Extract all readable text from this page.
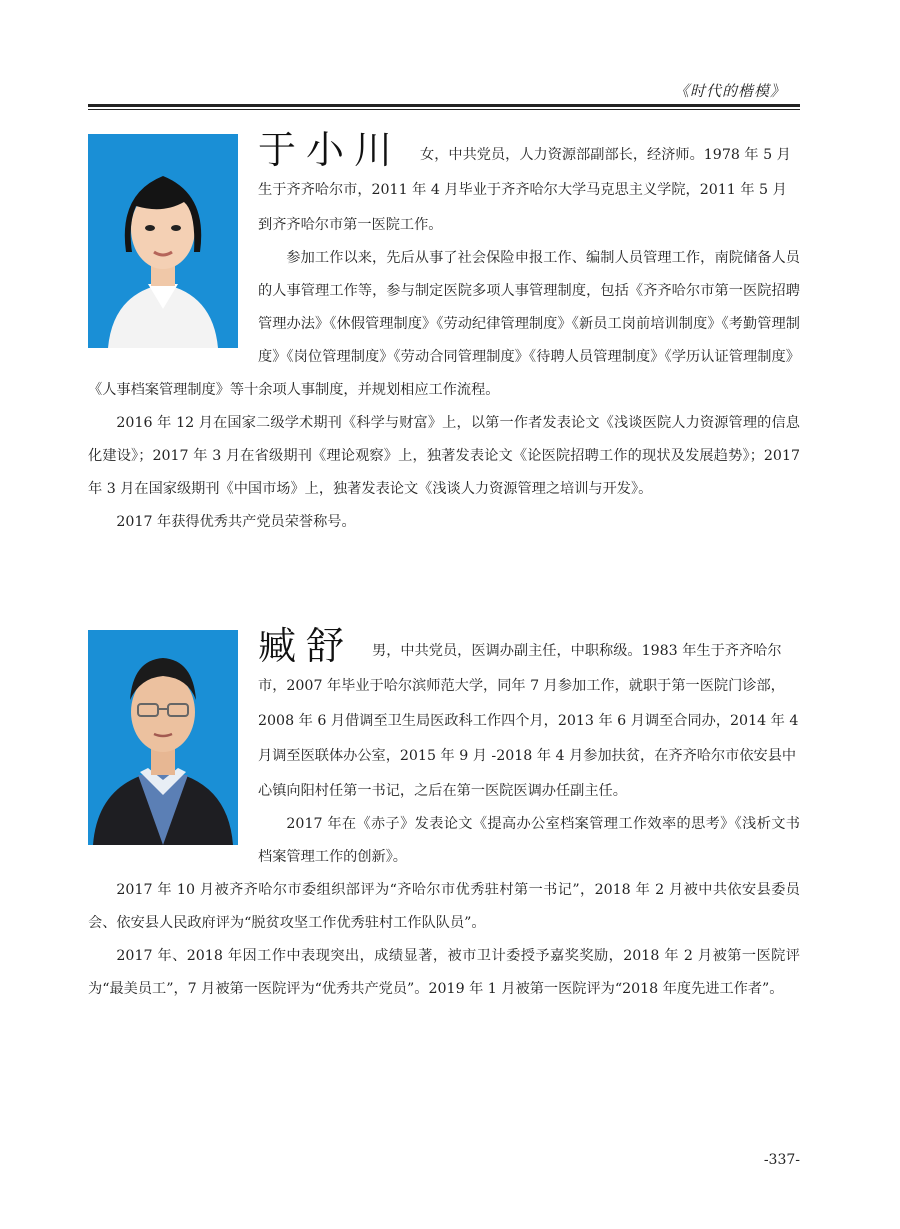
《时代的楷模》
于小川 女，中共党员，人力资源部副部长，经济师。1978 年 5 月生于齐齐哈尔市，2011 年 4 月毕业于齐齐哈尔大学马克思主义学院，2011 年 5 月到齐齐哈尔市第一医院工作。

参加工作以来，先后从事了社会保险申报工作、编制人员管理工作，南院储备人员的人事管理工作等，参与制定医院多项人事管理制度，包括《齐齐哈尔市第一医院招聘管理办法》《休假管理制度》《劳动纪律管理制度》《新员工岗前培训制度》《考勤管理制度》《岗位管理制度》《劳动合同管理制度》《待聘人员管理制度》《学历认证管理制度》《人事档案管理制度》等十余项人事制度，并规划相应工作流程。

2016 年 12 月在国家二级学术期刊《科学与财富》上，以第一作者发表论文《浅谈医院人力资源管理的信息化建设》；2017 年 3 月在省级期刊《理论观察》上，独著发表论文《论医院招聘工作的现状及发展趋势》；2017 年 3 月在国家级期刊《中国市场》上，独著发表论文《浅谈人力资源管理之培训与开发》。

2017 年获得优秀共产党员荣誉称号。

臧舒 男，中共党员，医调办副主任，中职称级。1983 年生于齐齐哈尔市，2007 年毕业于哈尔滨师范大学，同年 7 月参加工作，就职于第一医院门诊部，2008 年 6 月借调至卫生局医政科工作四个月，2013 年 6 月调至合同办，2014 年 4 月调至医联体办公室，2015 年 9 月 -2018 年 4 月参加扶贫，在齐齐哈尔市依安县中心镇向阳村任第一书记，之后在第一医院医调办任副主任。

2017 年在《赤子》发表论文《提高办公室档案管理工作效率的思考》《浅析文书档案管理工作的创新》。

2017 年 10 月被齐齐哈尔市委组织部评为“齐哈尔市优秀驻村第一书记”，2018 年 2 月被中共依安县委员会、依安县人民政府评为“脱贫攻坚工作优秀驻村工作队队员”。

2017 年、2018 年因工作中表现突出，成绩显著，被市卫计委授予嘉奖奖励，2018 年 2 月被第一医院评为“最美员工”，7 月被第一医院评为“优秀共产党员”。2019 年 1 月被第一医院评为“2018 年度先进工作者”。

-337-
